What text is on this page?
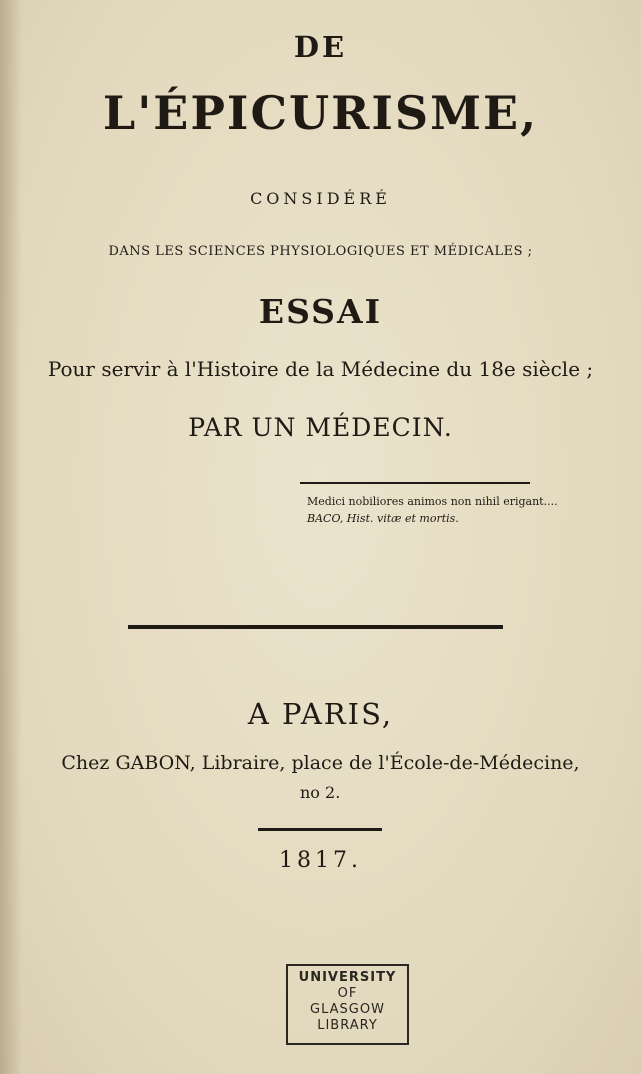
DE
L'ÉPICURISME,
CONSIDÉRÉ
DANS LES SCIENCES PHYSIOLOGIQUES ET MÉDICALES ;
ESSAI
Pour servir à l'Histoire de la Médecine du 18e siècle ;
PAR UN MÉDECIN.
Medici nobiliores animos non nihil erigant....
BACO, Hist. vitæ et mortis.
A PARIS,
Chez GABON, Libraire, place de l'École-de-Médecine,
no 2.
1817.
UNIVERSITY
OF
GLASGOW
LIBRARY
